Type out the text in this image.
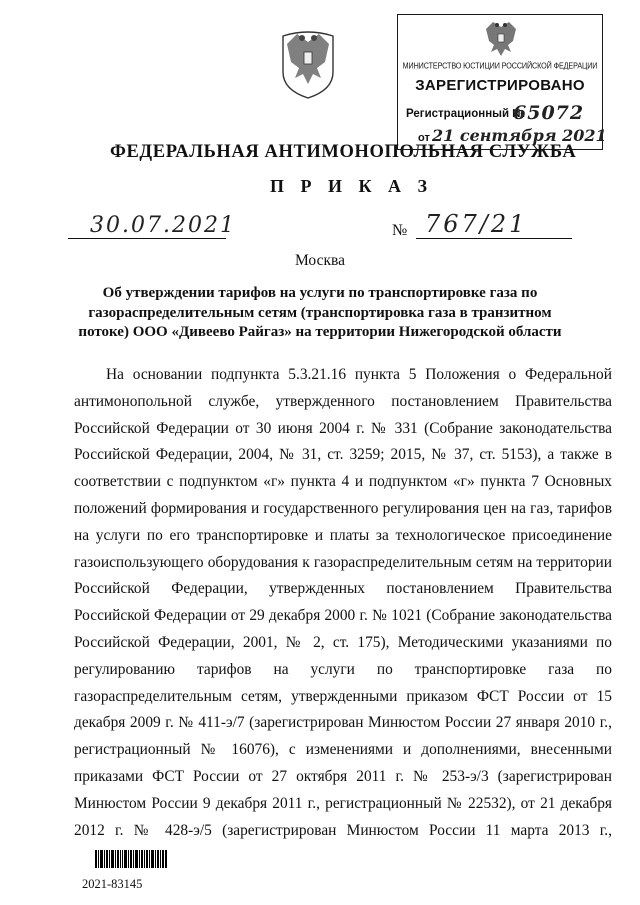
МИНИСТЕРСТВО ЮСТИЦИИ РОССИЙСКОЙ ФЕДЕРАЦИИ
ЗАРЕГИСТРИРОВАНО
Регистрационный №
65072
от 21 сентября 2021
ФЕДЕРАЛЬНАЯ АНТИМОНОПОЛЬНАЯ СЛУЖБА
П Р И К А З
30.07.2021	№ 767/21
Москва
Об утверждении тарифов на услуги по транспортировке газа по газораспределительным сетям (транспортировка газа в транзитном потоке) ООО «Дивеево Райгаз» на территории Нижегородской области

На основании подпункта 5.3.21.16 пункта 5 Положения о Федеральной антимонопольной службе, утвержденного постановлением Правительства Российской Федерации от 30 июня 2004 г. № 331 (Собрание законодательства Российской Федерации, 2004, № 31, ст. 3259; 2015, № 37, ст. 5153), а также в соответствии с подпунктом «г» пункта 4 и подпунктом «г» пункта 7 Основных положений формирования и государственного регулирования цен на газ, тарифов на услуги по его транспортировке и платы за технологическое присоединение газоиспользующего оборудования к газораспределительным сетям на территории Российской Федерации, утвержденных постановлением Правительства Российской Федерации от 29 декабря 2000 г. № 1021 (Собрание законодательства Российской Федерации, 2001, № 2, ст. 175), Методическими указаниями по регулированию тарифов на услуги по транспортировке газа по газораспределительным сетям, утвержденными приказом ФСТ России от 15 декабря 2009 г. № 411-э/7 (зарегистрирован Минюстом России 27 января 2010 г., регистрационный № 16076), с изменениями и дополнениями, внесенными приказами ФСТ России от 27 октября 2011 г. № 253-э/3 (зарегистрирован Минюстом России 9 декабря 2011 г., регистрационный № 22532), от 21 декабря 2012 г. № 428-э/5 (зарегистрирован Минюстом России 11 марта 2013 г.,

2021-83145
